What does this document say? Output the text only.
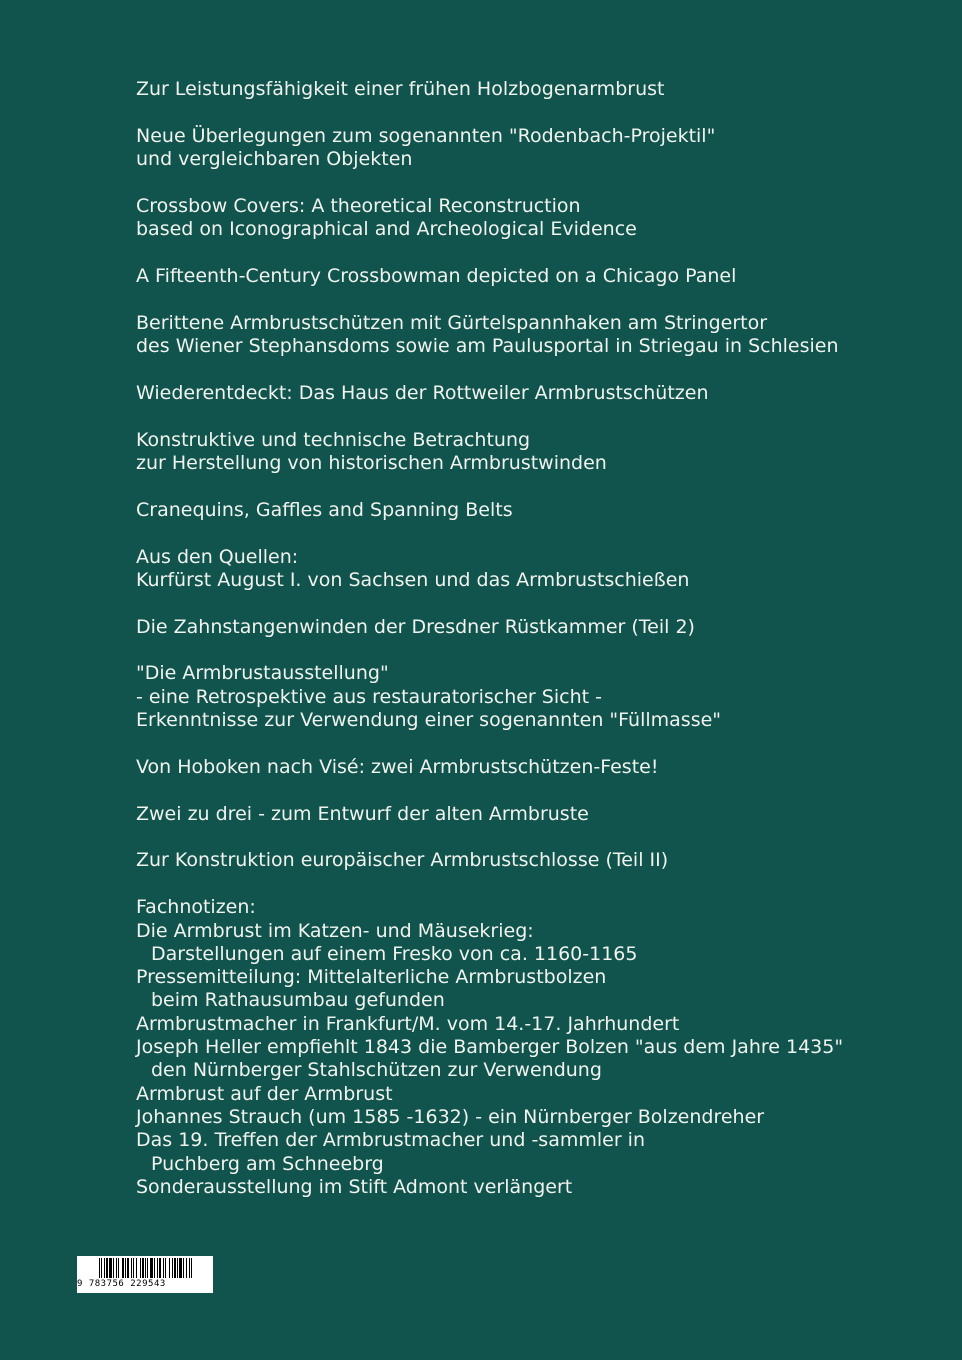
Zur Leistungsfähigkeit einer frühen Holzbogenarmbrust
Neue Überlegungen zum sogenannten "Rodenbach-Projektil"
und vergleichbaren Objekten
Crossbow Covers: A theoretical Reconstruction
based on Iconographical and Archeological Evidence
A Fifteenth-Century Crossbowman depicted on a Chicago Panel
Berittene Armbrustschützen mit Gürtelspannhaken am Stringertor
des Wiener Stephansdoms sowie am Paulusportal in Striegau in Schlesien
Wiederentdeckt: Das Haus der Rottweiler Armbrustschützen
Konstruktive und technische Betrachtung
zur Herstellung von historischen Armbrustwinden
Cranequins, Gaffles and Spanning Belts
Aus den Quellen:
Kurfürst August I. von Sachsen und das Armbrustschießen
Die Zahnstangenwinden der Dresdner Rüstkammer (Teil 2)
"Die Armbrustausstellung"
- eine Retrospektive aus restauratorischer Sicht -
Erkenntnisse zur Verwendung einer sogenannten "Füllmasse"
Von Hoboken nach Visé: zwei Armbrustschützen-Feste!
Zwei zu drei - zum Entwurf der alten Armbruste
Zur Konstruktion europäischer Armbrustschlosse (Teil II)
Fachnotizen:
Die Armbrust im Katzen- und Mäusekrieg:
Darstellungen auf einem Fresko von ca. 1160-1165
Pressemitteilung: Mittelalterliche Armbrustbolzen
beim Rathausumbau gefunden
Armbrustmacher in Frankfurt/M. vom 14.-17. Jahrhundert
Joseph Heller empfiehlt 1843 die Bamberger Bolzen "aus dem Jahre 1435"
den Nürnberger Stahlschützen zur Verwendung
Armbrust auf der Armbrust
Johannes Strauch (um 1585 -1632) - ein Nürnberger Bolzendreher
Das 19. Treffen der Armbrustmacher und -sammler in
Puchberg am Schneebrg
Sonderausstellung im Stift Admont verlängert
9 783756 229543
